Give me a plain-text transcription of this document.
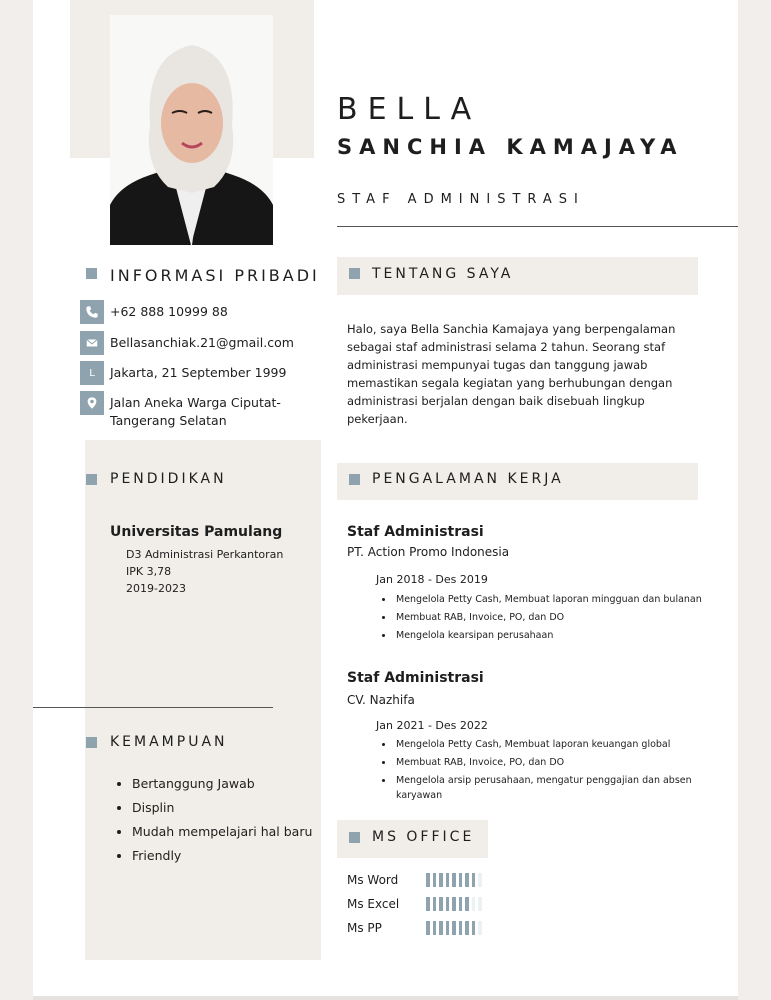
BELLA
SANCHIA KAMAJAYA
STAF ADMINISTRASI
INFORMASI PRIBADI
+62 888 10999 88
Bellasanchiak.21@gmail.com
L	Jakarta, 21 September 1999
Jalan Aneka Warga Ciputat-
Tangerang Selatan
TENTANG SAYA
Halo, saya Bella Sanchia Kamajaya yang berpengalaman sebagai staf administrasi selama 2 tahun. Seorang staf administrasi mempunyai tugas dan tanggung jawab memastikan segala kegiatan yang berhubungan dengan administrasi berjalan dengan baik disebuah lingkup pekerjaan.
PENDIDIKAN
Universitas Pamulang
D3 Administrasi Perkantoran
IPK 3,78
2019-2023
KEMAMPUAN
• Bertanggung Jawab
• Displin
• Mudah mempelajari hal baru
• Friendly
PENGALAMAN KERJA
Staf Administrasi
PT. Action Promo Indonesia
Jan 2018 - Des 2019
• Mengelola Petty Cash, Membuat laporan mingguan dan bulanan
• Membuat RAB, Invoice, PO, dan DO
• Mengelola kearsipan perusahaan
Staf Administrasi
CV. Nazhifa
Jan 2021 - Des 2022
• Mengelola Petty Cash, Membuat laporan keuangan global
• Membuat RAB, Invoice, PO, dan DO
• Mengelola arsip perusahaan, mengatur penggajian dan absen karyawan
MS OFFICE
Ms Word
Ms Excel
Ms PP
